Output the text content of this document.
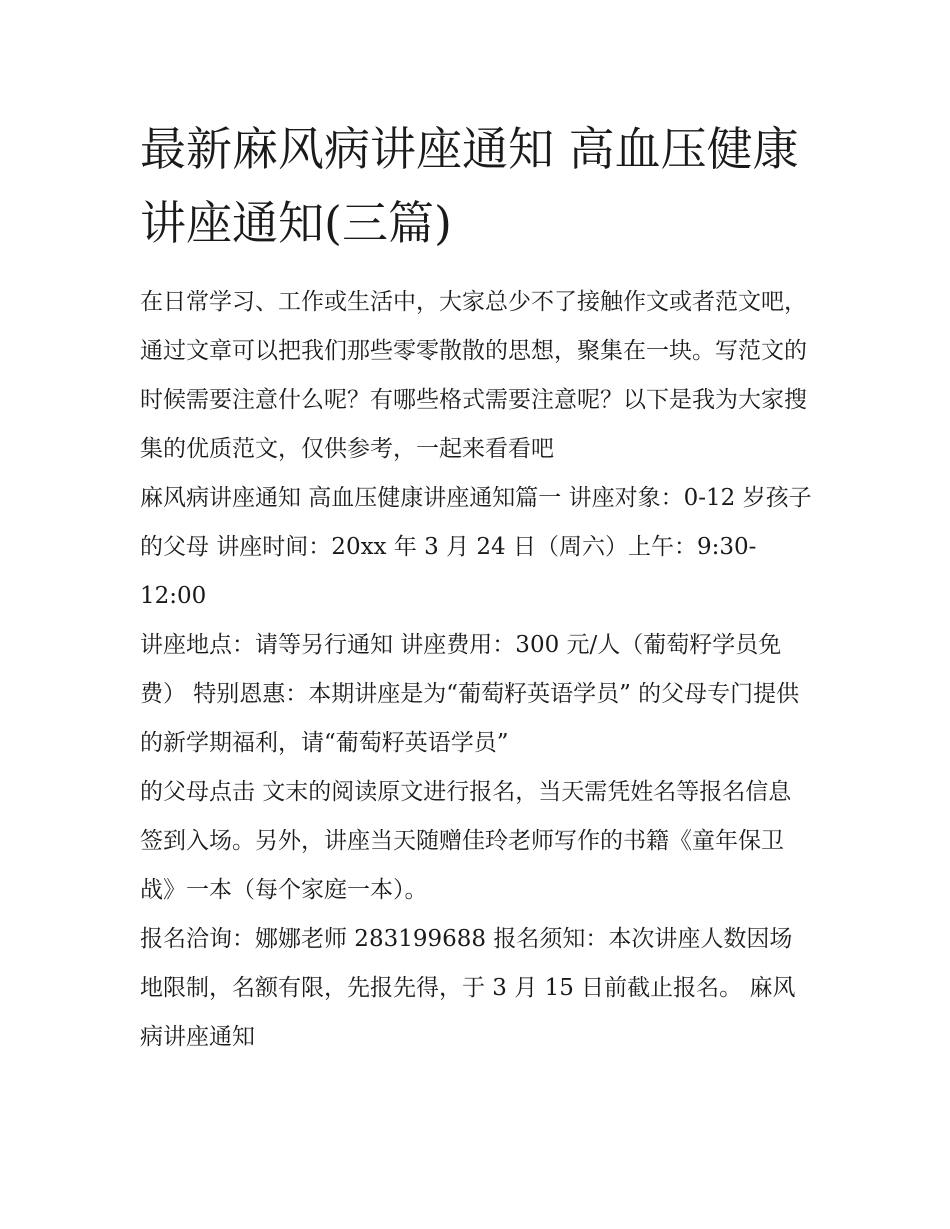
最新麻风病讲座通知 高血压健康讲座通知(三篇)

在日常学习、工作或生活中，大家总少不了接触作文或者范文吧，通过文章可以把我们那些零零散散的思想，聚集在一块。写范文的时候需要注意什么呢？有哪些格式需要注意呢？以下是我为大家搜集的优质范文，仅供参考，一起来看看吧

麻风病讲座通知 高血压健康讲座通知篇一 讲座对象：0-12 岁孩子的父母 讲座时间：20xx 年 3 月 24 日（周六）上午：9:30-12:00

讲座地点：请等另行通知 讲座费用：300 元/人（葡萄籽学员免费） 特别恩惠：本期讲座是为“葡萄籽英语学员” 的父母专门提供的新学期福利，请“葡萄籽英语学员”

的父母点击 文末的阅读原文进行报名，当天需凭姓名等报名信息签到入场。另外，讲座当天随赠佳玲老师写作的书籍《童年保卫战》一本（每个家庭一本）。

报名洽询：娜娜老师 283199688 报名须知：本次讲座人数因场地限制，名额有限，先报先得，于 3 月 15 日前截止报名。 麻风病讲座通知
